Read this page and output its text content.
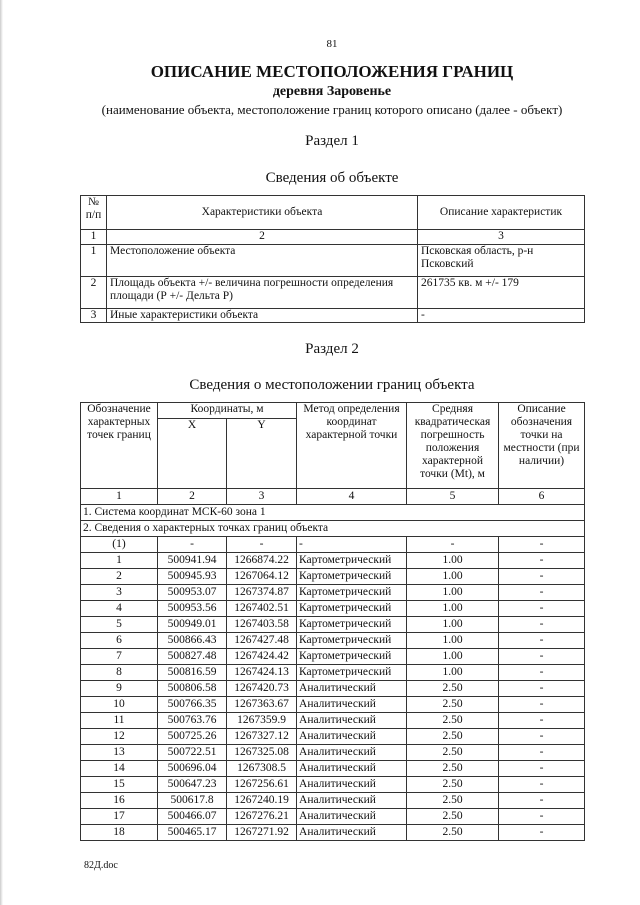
81
ОПИСАНИЕ МЕСТОПОЛОЖЕНИЯ ГРАНИЦ
деревня Заровенье
(наименование объекта, местоположение границ которого описано (далее - объект)
Раздел 1
Сведения об объекте
№ п/п	Характеристики объекта	Описание характеристик
1	2	3
1	Местоположение объекта	Псковская область, р-н Псковский
2	Площадь объекта +/- величина погрешности определения площади (Р +/- Дельта Р)	261735 кв. м +/- 179
3	Иные характеристики объекта	-
Раздел 2
Сведения о местоположении границ объекта
Обозначение характерных точек границ	Координаты, м		Метод определения координат характерной точки	Средняя квадратическая погрешность положения характерной точки (Mt), м	Описание обозначения точки на местности (при наличии)
	X	Y			
1	2	3	4	5	6
1. Система координат МСК-60 зона 1					
2. Сведения о характерных точках границ объекта					
(1)	-	-	-	-	-
1	500941.94	1266874.22	Картометрический	1.00	-
2	500945.93	1267064.12	Картометрический	1.00	-
3	500953.07	1267374.87	Картометрический	1.00	-
4	500953.56	1267402.51	Картометрический	1.00	-
5	500949.01	1267403.58	Картометрический	1.00	-
6	500866.43	1267427.48	Картометрический	1.00	-
7	500827.48	1267424.42	Картометрический	1.00	-
8	500816.59	1267424.13	Картометрический	1.00	-
9	500806.58	1267420.73	Аналитический	2.50	-
10	500766.35	1267363.67	Аналитический	2.50	-
11	500763.76	1267359.9	Аналитический	2.50	-
12	500725.26	1267327.12	Аналитический	2.50	-
13	500722.51	1267325.08	Аналитический	2.50	-
14	500696.04	1267308.5	Аналитический	2.50	-
15	500647.23	1267256.61	Аналитический	2.50	-
16	500617.8	1267240.19	Аналитический	2.50	-
17	500466.07	1267276.21	Аналитический	2.50	-
18	500465.17	1267271.92	Аналитический	2.50	-
82Д.doc
